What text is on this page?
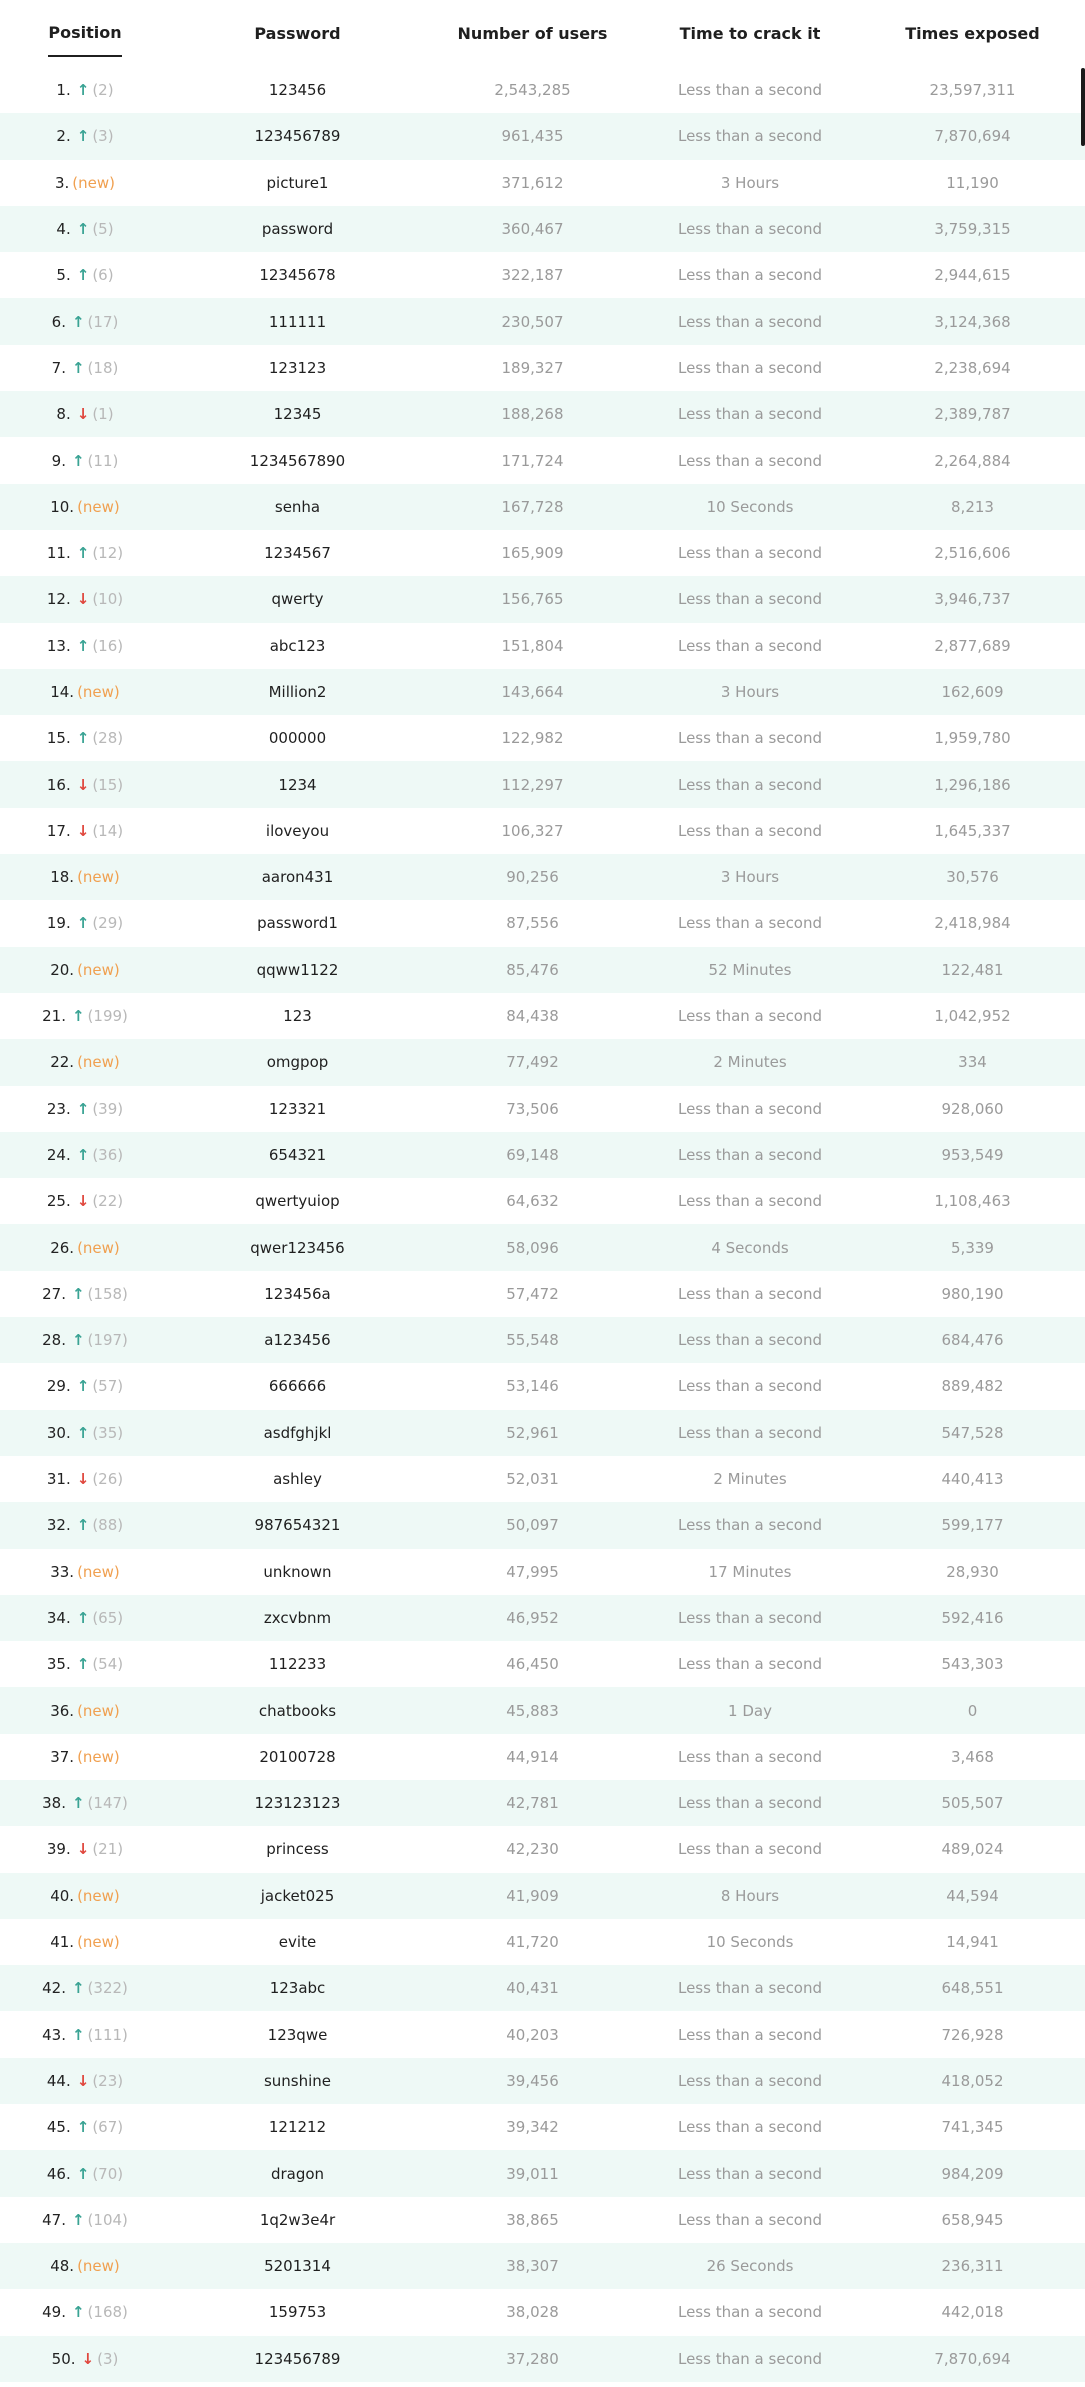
Position	Password	Number of users	Time to crack it	Times exposed
1. ↑ (2)	123456	2,543,285	Less than a second	23,597,311
2. ↑ (3)	123456789	961,435	Less than a second	7,870,694
3. (new)	picture1	371,612	3 Hours	11,190
4. ↑ (5)	password	360,467	Less than a second	3,759,315
5. ↑ (6)	12345678	322,187	Less than a second	2,944,615
6. ↑ (17)	111111	230,507	Less than a second	3,124,368
7. ↑ (18)	123123	189,327	Less than a second	2,238,694
8. ↓ (1)	12345	188,268	Less than a second	2,389,787
9. ↑ (11)	1234567890	171,724	Less than a second	2,264,884
10. (new)	senha	167,728	10 Seconds	8,213
11. ↑ (12)	1234567	165,909	Less than a second	2,516,606
12. ↓ (10)	qwerty	156,765	Less than a second	3,946,737
13. ↑ (16)	abc123	151,804	Less than a second	2,877,689
14. (new)	Million2	143,664	3 Hours	162,609
15. ↑ (28)	000000	122,982	Less than a second	1,959,780
16. ↓ (15)	1234	112,297	Less than a second	1,296,186
17. ↓ (14)	iloveyou	106,327	Less than a second	1,645,337
18. (new)	aaron431	90,256	3 Hours	30,576
19. ↑ (29)	password1	87,556	Less than a second	2,418,984
20. (new)	qqww1122	85,476	52 Minutes	122,481
21. ↑ (199)	123	84,438	Less than a second	1,042,952
22. (new)	omgpop	77,492	2 Minutes	334
23. ↑ (39)	123321	73,506	Less than a second	928,060
24. ↑ (36)	654321	69,148	Less than a second	953,549
25. ↓ (22)	qwertyuiop	64,632	Less than a second	1,108,463
26. (new)	qwer123456	58,096	4 Seconds	5,339
27. ↑ (158)	123456a	57,472	Less than a second	980,190
28. ↑ (197)	a123456	55,548	Less than a second	684,476
29. ↑ (57)	666666	53,146	Less than a second	889,482
30. ↑ (35)	asdfghjkl	52,961	Less than a second	547,528
31. ↓ (26)	ashley	52,031	2 Minutes	440,413
32. ↑ (88)	987654321	50,097	Less than a second	599,177
33. (new)	unknown	47,995	17 Minutes	28,930
34. ↑ (65)	zxcvbnm	46,952	Less than a second	592,416
35. ↑ (54)	112233	46,450	Less than a second	543,303
36. (new)	chatbooks	45,883	1 Day	0
37. (new)	20100728	44,914	Less than a second	3,468
38. ↑ (147)	123123123	42,781	Less than a second	505,507
39. ↓ (21)	princess	42,230	Less than a second	489,024
40. (new)	jacket025	41,909	8 Hours	44,594
41. (new)	evite	41,720	10 Seconds	14,941
42. ↑ (322)	123abc	40,431	Less than a second	648,551
43. ↑ (111)	123qwe	40,203	Less than a second	726,928
44. ↓ (23)	sunshine	39,456	Less than a second	418,052
45. ↑ (67)	121212	39,342	Less than a second	741,345
46. ↑ (70)	dragon	39,011	Less than a second	984,209
47. ↑ (104)	1q2w3e4r	38,865	Less than a second	658,945
48. (new)	5201314	38,307	26 Seconds	236,311
49. ↑ (168)	159753	38,028	Less than a second	442,018
50. ↓ (3)	123456789	37,280	Less than a second	7,870,694
